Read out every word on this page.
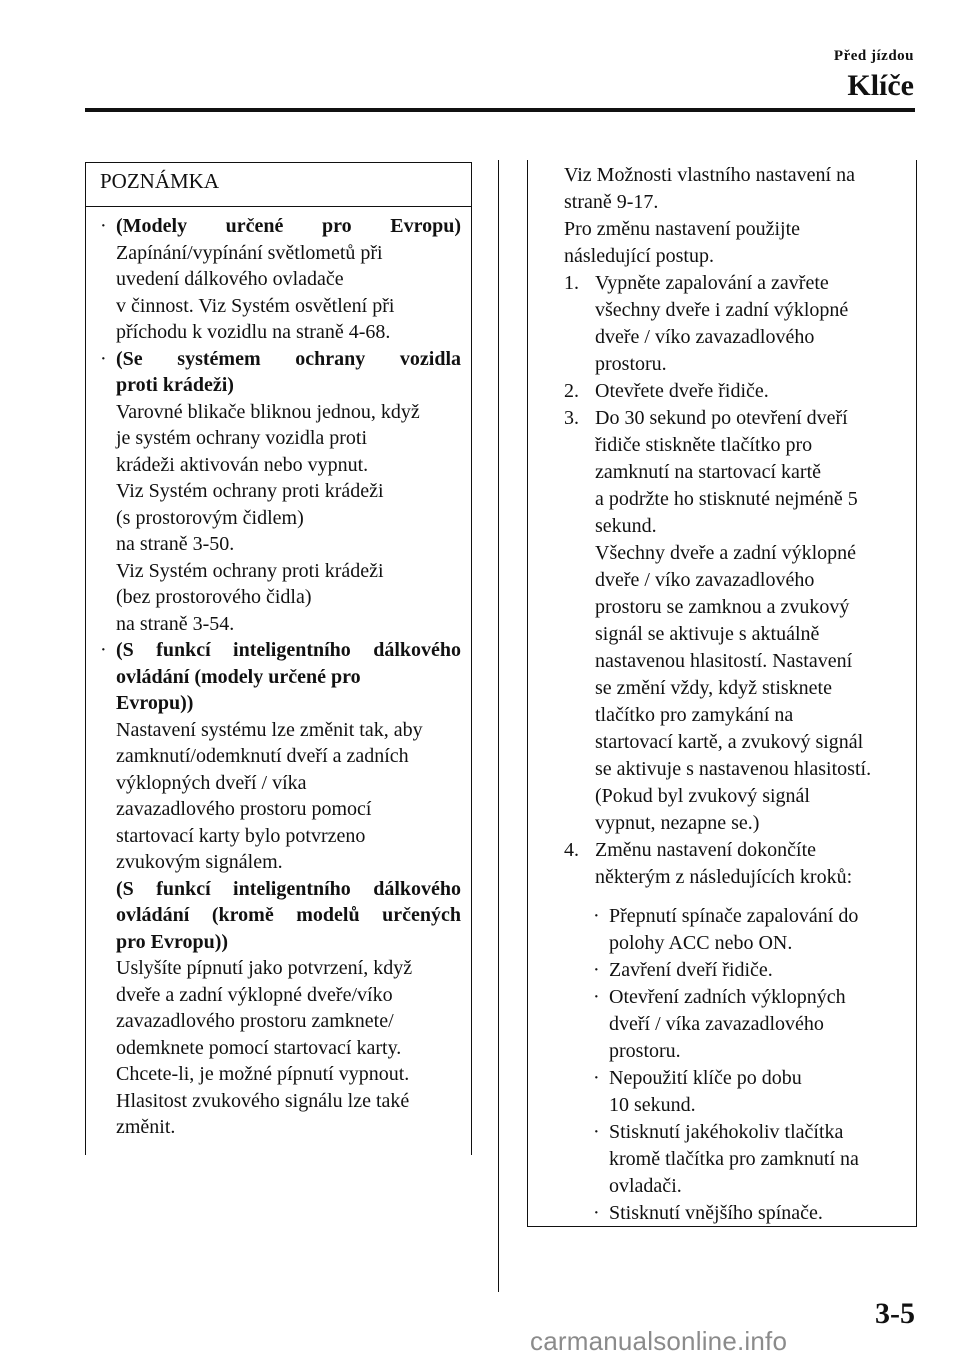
Před jízdou
Klíče
POZNÁMKA
· (Modely určené pro Evropu)
Zapínání/vypínání světlometů při
uvedení dálkového ovladače
v činnost. Viz Systém osvětlení při
příchodu k vozidlu na straně 4-68.
· (Se systémem ochrany vozidla
proti krádeži)
Varovné blikače bliknou jednou, když
je systém ochrany vozidla proti
krádeži aktivován nebo vypnut.
Viz Systém ochrany proti krádeži
(s prostorovým čidlem)
na straně 3-50.
Viz Systém ochrany proti krádeži
(bez prostorového čidla)
na straně 3-54.
· (S funkcí inteligentního dálkového
ovládání (modely určené pro
Evropu))
Nastavení systému lze změnit tak, aby
zamknutí/odemknutí dveří a zadních
výklopných dveří / víka
zavazadlového prostoru pomocí
startovací karty bylo potvrzeno
zvukovým signálem.
(S funkcí inteligentního dálkového
ovládání (kromě modelů určených
pro Evropu))
Uslyšíte pípnutí jako potvrzení, když
dveře a zadní výklopné dveře/víko
zavazadlového prostoru zamknete/
odemknete pomocí startovací karty.
Chcete-li, je možné pípnutí vypnout.
Hlasitost zvukového signálu lze také
změnit.
Viz Možnosti vlastního nastavení na
straně 9-17.
Pro změnu nastavení použijte
následující postup.
1. Vypněte zapalování a zavřete
všechny dveře i zadní výklopné
dveře / víko zavazadlového
prostoru.
2. Otevřete dveře řidiče.
3. Do 30 sekund po otevření dveří
řidiče stiskněte tlačítko pro
zamknutí na startovací kartě
a podržte ho stisknuté nejméně 5
sekund.
Všechny dveře a zadní výklopné
dveře / víko zavazadlového
prostoru se zamknou a zvukový
signál se aktivuje s aktuálně
nastavenou hlasitostí. Nastavení
se změní vždy, když stisknete
tlačítko pro zamykání na
startovací kartě, a zvukový signál
se aktivuje s nastavenou hlasitostí.
(Pokud byl zvukový signál
vypnut, nezapne se.)
4. Změnu nastavení dokončíte
některým z následujících kroků:
· Přepnutí spínače zapalování do
polohy ACC nebo ON.
· Zavření dveří řidiče.
· Otevření zadních výklopných
dveří / víka zavazadlového
prostoru.
· Nepoužití klíče po dobu
10 sekund.
· Stisknutí jakéhokoliv tlačítka
kromě tlačítka pro zamknutí na
ovladači.
· Stisknutí vnějšího spínače.
3-5
carmanualsonline.info
